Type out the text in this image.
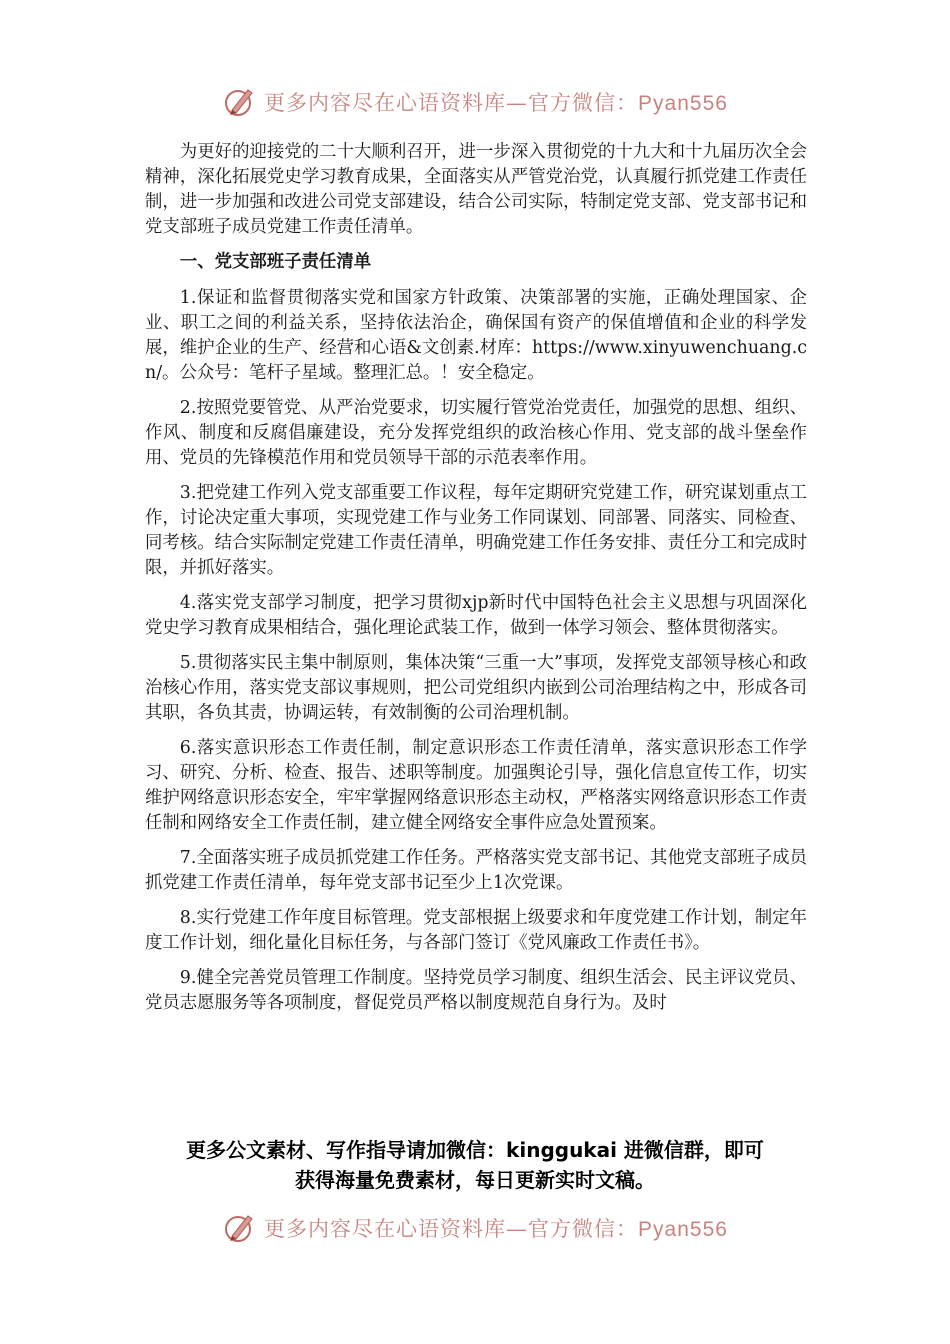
更多内容尽在心语资料库—官方微信：Pyan556

为更好的迎接党的二十大顺利召开，进一步深入贯彻党的十九大和十九届历次全会精神，深化拓展党史学习教育成果，全面落实从严管党治党，认真履行抓党建工作责任制，进一步加强和改进公司党支部建设，结合公司实际，特制定党支部、党支部书记和党支部班子成员党建工作责任清单。

一、党支部班子责任清单

1.保证和监督贯彻落实党和国家方针政策、决策部署的实施，正确处理国家、企业、职工之间的利益关系，坚持依法治企，确保国有资产的保值增值和企业的科学发展，维护企业的生产、经营和心语&文创素.材库：https://www.xinyuwenchuang.cn/。公众号：笔杆子星域。整理汇总。！安全稳定。

2.按照党要管党、从严治党要求，切实履行管党治党责任，加强党的思想、组织、作风、制度和反腐倡廉建设，充分发挥党组织的政治核心作用、党支部的战斗堡垒作用、党员的先锋模范作用和党员领导干部的示范表率作用。

3.把党建工作列入党支部重要工作议程，每年定期研究党建工作，研究谋划重点工作，讨论决定重大事项，实现党建工作与业务工作同谋划、同部署、同落实、同检查、同考核。结合实际制定党建工作责任清单，明确党建工作任务安排、责任分工和完成时限，并抓好落实。

4.落实党支部学习制度，把学习贯彻xjp新时代中国特色社会主义思想与巩固深化党史学习教育成果相结合，强化理论武装工作，做到一体学习领会、整体贯彻落实。

5.贯彻落实民主集中制原则，集体决策“三重一大”事项，发挥党支部领导核心和政治核心作用，落实党支部议事规则，把公司党组织内嵌到公司治理结构之中，形成各司其职，各负其责，协调运转，有效制衡的公司治理机制。

6.落实意识形态工作责任制，制定意识形态工作责任清单，落实意识形态工作学习、研究、分析、检查、报告、述职等制度。加强舆论引导，强化信息宣传工作，切实维护网络意识形态安全，牢牢掌握网络意识形态主动权，严格落实网络意识形态工作责任制和网络安全工作责任制，建立健全网络安全事件应急处置预案。

7.全面落实班子成员抓党建工作任务。严格落实党支部书记、其他党支部班子成员抓党建工作责任清单，每年党支部书记至少上1次党课。

8.实行党建工作年度目标管理。党支部根据上级要求和年度党建工作计划，制定年度工作计划，细化量化目标任务，与各部门签订《党风廉政工作责任书》。

9.健全完善党员管理工作制度。坚持党员学习制度、组织生活会、民主评议党员、党员志愿服务等各项制度，督促党员严格以制度规范自身行为。及时

更多公文素材、写作指导请加微信：kinggukai 进微信群，即可
获得海量免费素材，每日更新实时文稿。
更多内容尽在心语资料库—官方微信：Pyan556
